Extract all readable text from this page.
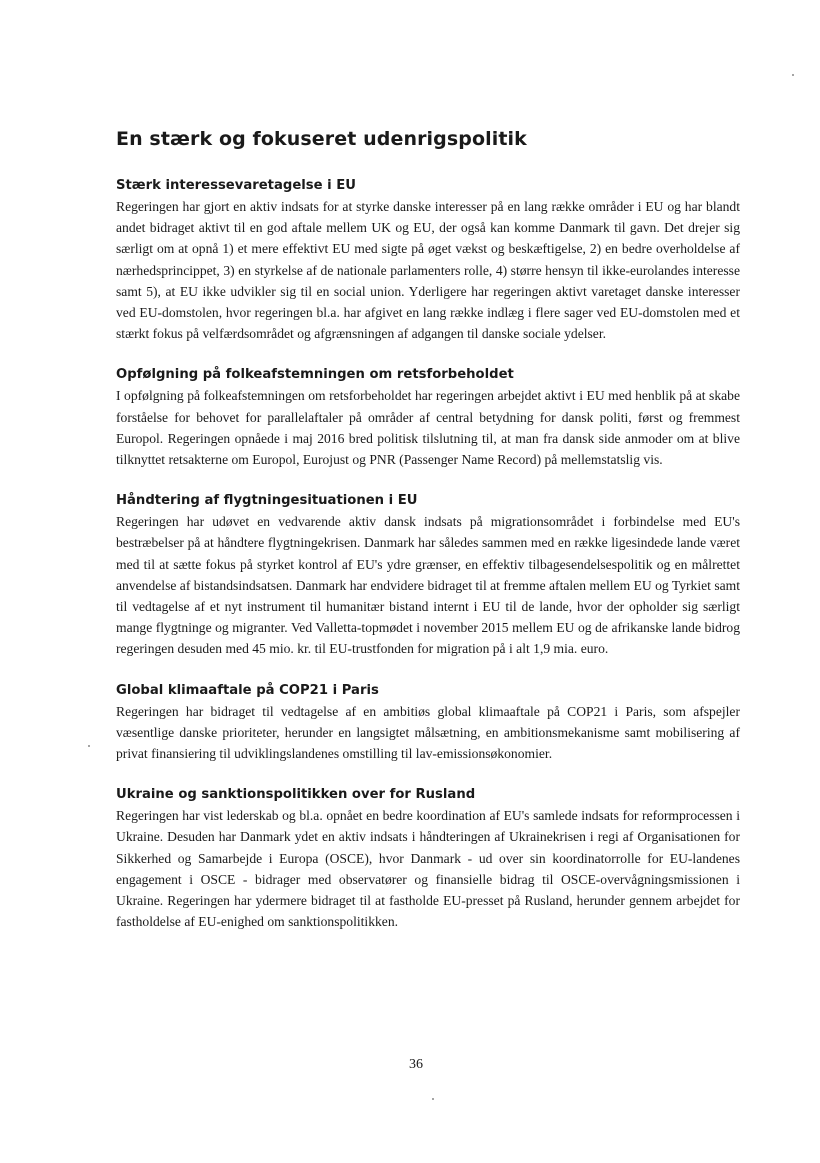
En stærk og fokuseret udenrigspolitik
Stærk interessevaretagelse i EU

Regeringen har gjort en aktiv indsats for at styrke danske interesser på en lang række områder i EU og har blandt andet bidraget aktivt til en god aftale mellem UK og EU, der også kan komme Danmark til gavn. Det drejer sig særligt om at opnå 1) et mere effektivt EU med sigte på øget vækst og beskæftigelse, 2) en bedre overholdelse af nærhedsprincippet, 3) en styrkelse af de nationale parlamenters rolle, 4) større hensyn til ikke-eurolandes interesse samt 5), at EU ikke udvikler sig til en social union. Yderligere har regeringen aktivt varetaget danske interesser ved EU-domstolen, hvor regeringen bl.a. har afgivet en lang række indlæg i flere sager ved EU-domstolen med et stærkt fokus på velfærdsområdet og afgrænsningen af adgangen til danske sociale ydelser.

Opfølgning på folkeafstemningen om retsforbeholdet

I opfølgning på folkeafstemningen om retsforbeholdet har regeringen arbejdet aktivt i EU med henblik på at skabe forståelse for behovet for parallelaftaler på områder af central betydning for dansk politi, først og fremmest Europol. Regeringen opnåede i maj 2016 bred politisk tilslutning til, at man fra dansk side anmoder om at blive tilknyttet retsakterne om Europol, Eurojust og PNR (Passenger Name Record) på mellemstatslig vis.

Håndtering af flygtningesituationen i EU

Regeringen har udøvet en vedvarende aktiv dansk indsats på migrationsområdet i forbindelse med EU's bestræbelser på at håndtere flygtningekrisen. Danmark har således sammen med en række ligesindede lande været med til at sætte fokus på styrket kontrol af EU's ydre grænser, en effektiv tilbagesendelsespolitik og en målrettet anvendelse af bistandsindsatsen. Danmark har endvidere bidraget til at fremme aftalen mellem EU og Tyrkiet samt til vedtagelse af et nyt instrument til humanitær bistand internt i EU til de lande, hvor der opholder sig særligt mange flygtninge og migranter. Ved Valletta-topmødet i november 2015 mellem EU og de afrikanske lande bidrog regeringen desuden med 45 mio. kr. til EU-trustfonden for migration på i alt 1,9 mia. euro.

Global klimaaftale på COP21 i Paris

Regeringen har bidraget til vedtagelse af en ambitiøs global klimaaftale på COP21 i Paris, som afspejler væsentlige danske prioriteter, herunder en langsigtet målsætning, en ambitionsmekanisme samt mobilisering af privat finansiering til udviklingslandenes omstilling til lav-emissionsøkonomier.

Ukraine og sanktionspolitikken over for Rusland

Regeringen har vist lederskab og bl.a. opnået en bedre koordination af EU's samlede indsats for reformprocessen i Ukraine. Desuden har Danmark ydet en aktiv indsats i håndteringen af Ukrainekrisen i regi af Organisationen for Sikkerhed og Samarbejde i Europa (OSCE), hvor Danmark - ud over sin koordinatorrolle for EU-landenes engagement i OSCE - bidrager med observatører og finansielle bidrag til OSCE-overvågningsmissionen i Ukraine. Regeringen har ydermere bidraget til at fastholde EU-presset på Rusland, herunder gennem arbejdet for fastholdelse af EU-enighed om sanktionspolitikken.

36
